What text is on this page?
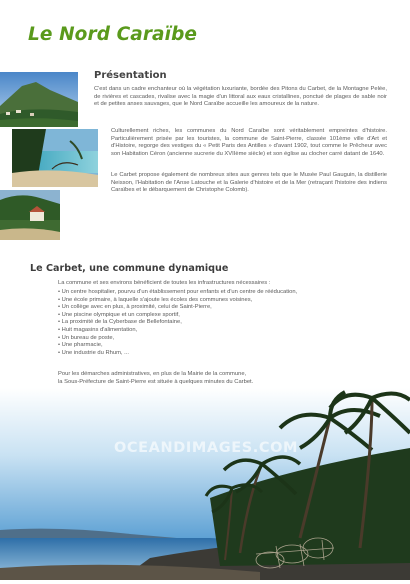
Le Nord Caraïbe
Présentation

C'est dans un cadre enchanteur où la végétation luxuriante, bordée des Pitons du Carbet, de la Montagne Pelée, de rivières et cascades, rivalise avec la magie d'un littoral aux eaux cristallines, ponctué de plages de sable noir et de petites anses sauvages, que le Nord Caraïbe accueille les amoureux de la nature.

Culturellement riches, les communes du Nord Caraïbe sont véritablement empreintes d'histoire. Particulièrement prisée par les touristes, la commune de Saint-Pierre, classée 101ème ville d'Art et d'Histoire, regorge des vestiges du « Petit Paris des Antilles » d'avant 1902, tout comme le Prêcheur avec son Habitation Céron (ancienne sucrerie du XVIIème siècle) et son église au clocher carré datant de 1640.

Le Carbet propose également de nombreux sites aux genres tels que le Musée Paul Gauguin, la distillerie Neisson, l'Habitation de l'Anse Latouche et la Galerie d'histoire et de la Mer (retraçant l'histoire des indiens Caraïbes et le débarquement de Christophe Colomb).

Le Carbet, une commune dynamique

La commune et ses environs bénéficient de toutes les infrastructures nécessaires :

• Un centre hospitalier, pourvu d'un établissement pour enfants et d'un centre de rééducation,
• Une école primaire, à laquelle s'ajoute les écoles des communes voisines,
• Un collège avec en plus, à proximité, celui de Saint-Pierre,
• Une piscine olympique et un complexe sportif,
• La proximité de la Cyberbase de Bellefontaine,
• Huit magasins d'alimentation,
• Un bureau de poste,
• Une pharmacie,
• Une industrie du Rhum, ...

Pour les démarches administratives, en plus de la Mairie de la commune,
la Sous-Préfecture de Saint-Pierre est située à quelques minutes du Carbet.

OCEANDIMAGES.COM
